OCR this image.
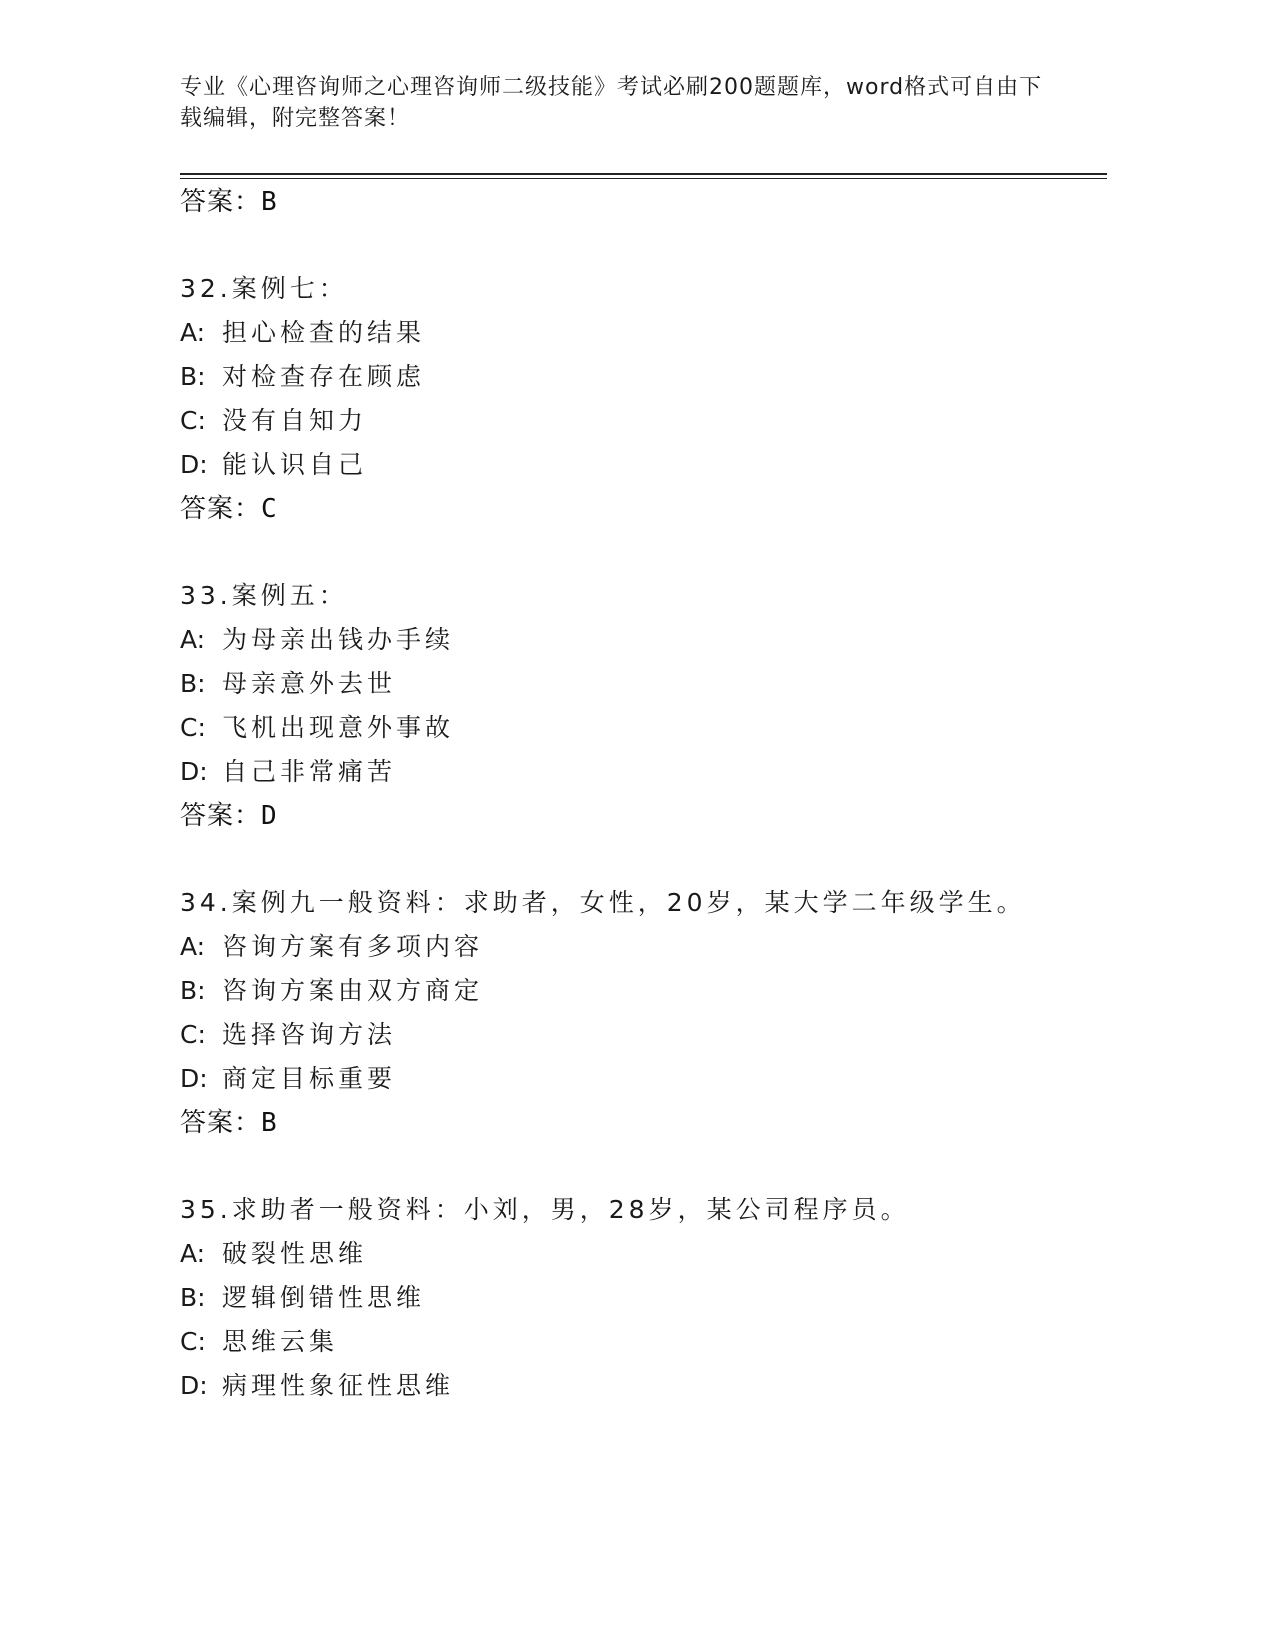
专业《心理咨询师之心理咨询师二级技能》考试必刷200题题库，word格式可自由下载编辑，附完整答案！
答案：B
32.案例七：
A: 担心检查的结果
B: 对检查存在顾虑
C: 没有自知力
D: 能认识自己
答案：C
33.案例五：
A: 为母亲出钱办手续
B: 母亲意外去世
C: 飞机出现意外事故
D: 自己非常痛苦
答案：D
34.案例九一般资料：求助者，女性，20岁，某大学二年级学生。
A: 咨询方案有多项内容
B: 咨询方案由双方商定
C: 选择咨询方法
D: 商定目标重要
答案：B
35.求助者一般资料：小刘，男，28岁，某公司程序员。
A: 破裂性思维
B: 逻辑倒错性思维
C: 思维云集
D: 病理性象征性思维
